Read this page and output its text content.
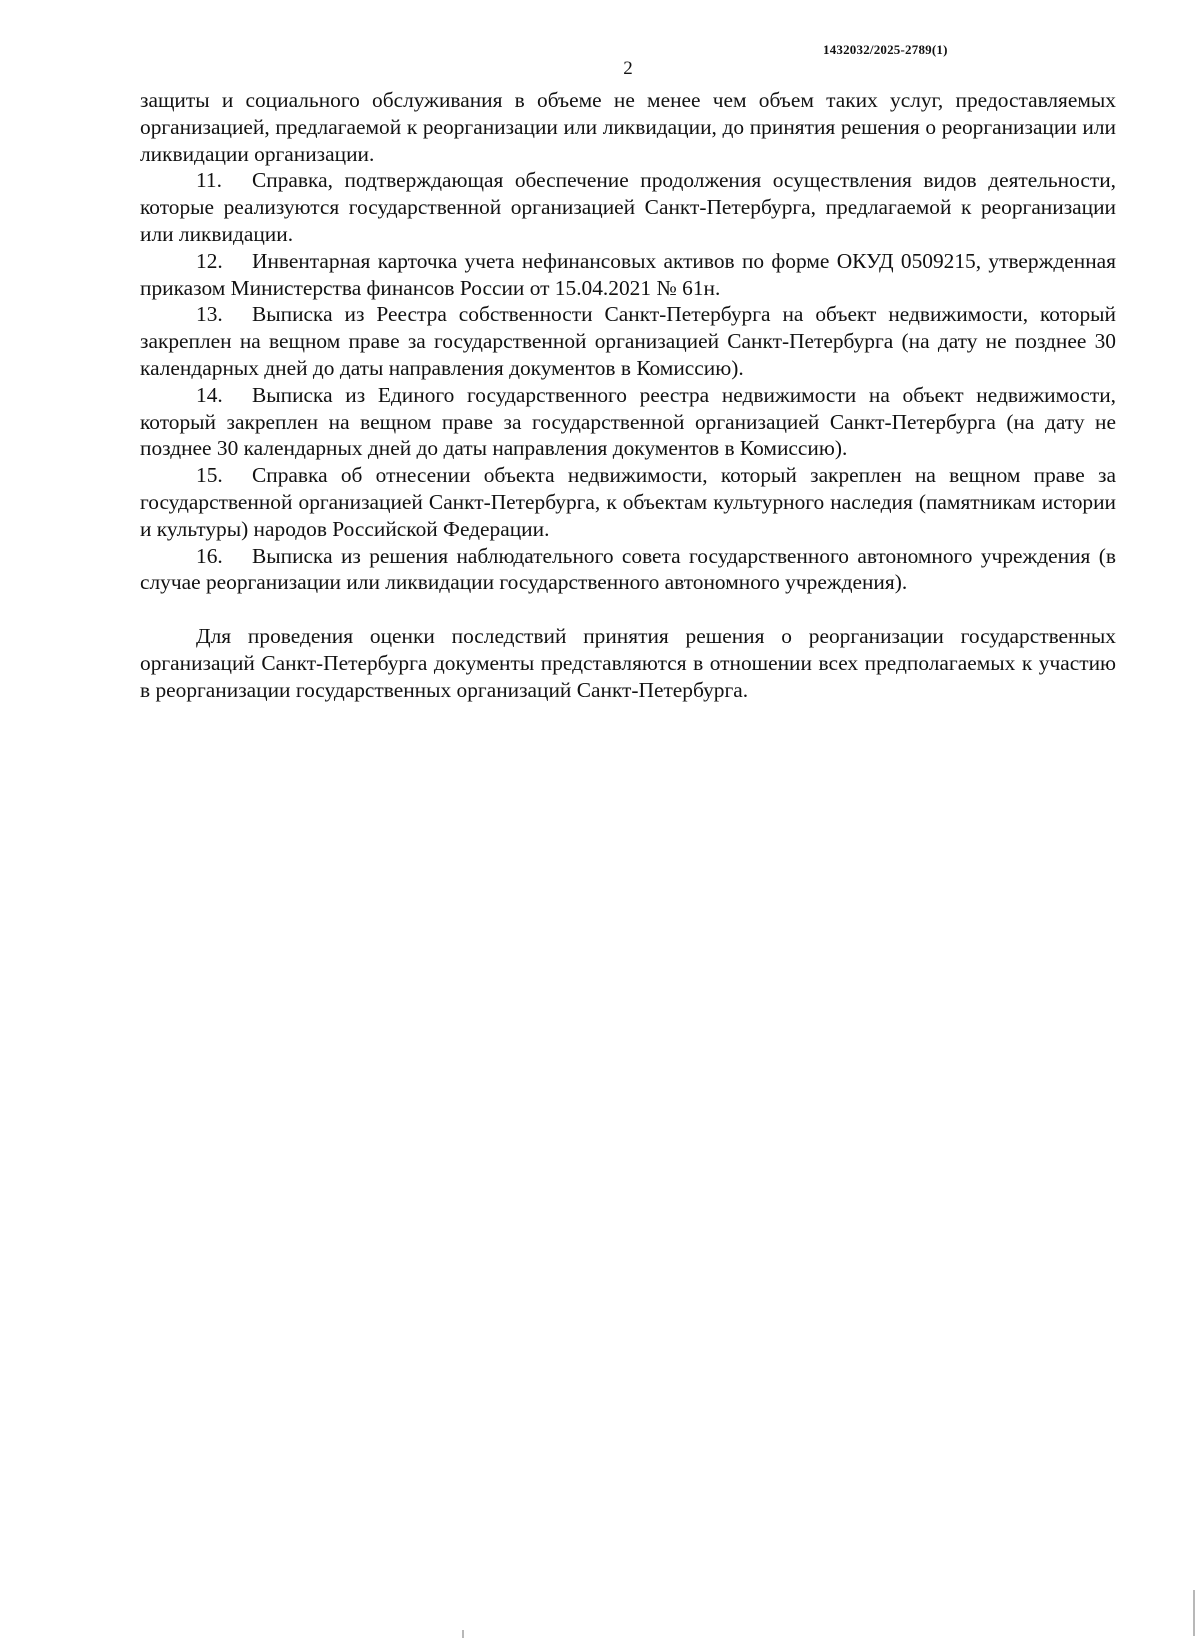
1432032/2025-2789(1)
2

защиты и социального обслуживания в объеме не менее чем объем таких услуг, предоставляемых организацией, предлагаемой к реорганизации или ликвидации, до принятия решения о реорганизации или ликвидации организации.

11. Справка, подтверждающая обеспечение продолжения осуществления видов деятельности, которые реализуются государственной организацией Санкт-Петербурга, предлагаемой к реорганизации или ликвидации.

12. Инвентарная карточка учета нефинансовых активов по форме ОКУД 0509215, утвержденная приказом Министерства финансов России от 15.04.2021 № 61н.

13. Выписка из Реестра собственности Санкт-Петербурга на объект недвижимости, который закреплен на вещном праве за государственной организацией Санкт-Петербурга (на дату не позднее 30 календарных дней до даты направления документов в Комиссию).

14. Выписка из Единого государственного реестра недвижимости на объект недвижимости, который закреплен на вещном праве за государственной организацией Санкт-Петербурга (на дату не позднее 30 календарных дней до даты направления документов в Комиссию).

15. Справка об отнесении объекта недвижимости, который закреплен на вещном праве за государственной организацией Санкт-Петербурга, к объектам культурного наследия (памятникам истории и культуры) народов Российской Федерации.

16. Выписка из решения наблюдательного совета государственного автономного учреждения (в случае реорганизации или ликвидации государственного автономного учреждения).

Для проведения оценки последствий принятия решения о реорганизации государственных организаций Санкт-Петербурга документы представляются в отношении всех предполагаемых к участию в реорганизации государственных организаций Санкт-Петербурга.
